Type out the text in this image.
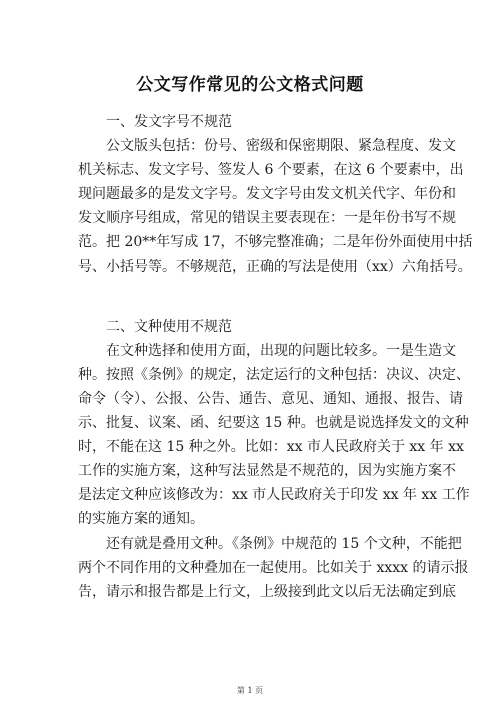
公文写作常见的公文格式问题
一、发文字号不规范
公文版头包括：份号、密级和保密期限、紧急程度、发文
机关标志、发文字号、签发人 6 个要素，在这 6 个要素中，出
现问题最多的是发文字号。发文字号由发文机关代字、年份和
发文顺序号组成，常见的错误主要表现在：一是年份书写不规
范。把 20**年写成 17，不够完整准确；二是年份外面使用中括
号、小括号等。不够规范，正确的写法是使用（xx）六角括号。
二、文种使用不规范
在文种选择和使用方面，出现的问题比较多。一是生造文
种。按照《条例》的规定，法定运行的文种包括：决议、决定、
命令（令）、公报、公告、通告、意见、通知、通报、报告、请
示、批复、议案、函、纪要这 15 种。也就是说选择发文的文种
时，不能在这 15 种之外。比如：xx 市人民政府关于 xx 年 xx
工作的实施方案，这种写法显然是不规范的，因为实施方案不
是法定文种应该修改为：xx 市人民政府关于印发 xx 年 xx 工作
的实施方案的通知。
还有就是叠用文种。《条例》中规范的 15 个文种，不能把
两个不同作用的文种叠加在一起使用。比如关于 xxxx 的请示报
告，请示和报告都是上行文，上级接到此文以后无法确定到底
第 1 页
